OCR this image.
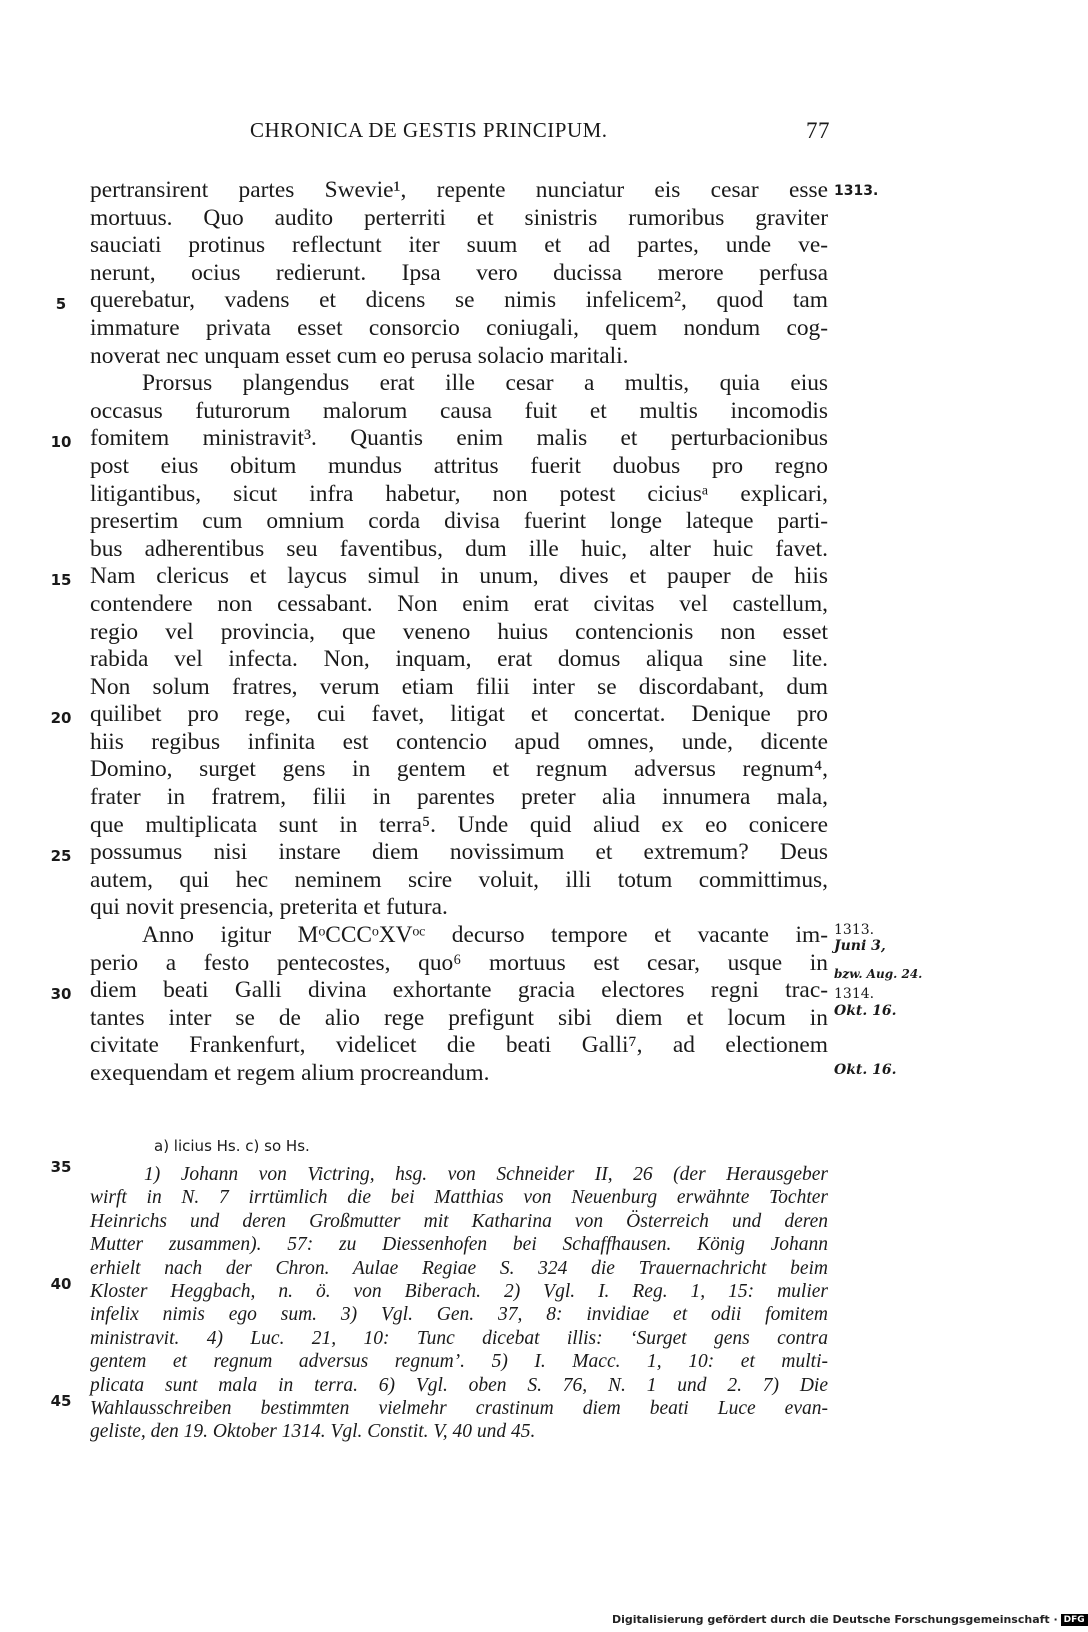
CHRONICA DE GESTIS PRINCIPUM.	77
pertransirent partes Swevie¹, repente nunciatur eis cesar esse
mortuus. Quo audito perterriti et sinistris rumoribus graviter
sauciati protinus reflectunt iter suum et ad partes, unde ve-
nerunt, ocius redierunt. Ipsa vero ducissa merore perfusa
querebatur, vadens et dicens se nimis infelicem², quod tam
immature privata esset consorcio coniugali, quem nondum cog-
noverat nec unquam esset cum eo perusa solacio maritali.
Prorsus plangendus erat ille cesar a multis, quia eius
occasus futurorum malorum causa fuit et multis incomodis
fomitem ministravit³. Quantis enim malis et perturbacionibus
post eius obitum mundus attritus fuerit duobus pro regno
litigantibus, sicut infra habetur, non potest ciciusᵃ explicari,
presertim cum omnium corda divisa fuerint longe lateque parti-
bus adherentibus seu faventibus, dum ille huic, alter huic favet.
Nam clericus et laycus simul in unum, dives et pauper de hiis
contendere non cessabant. Non enim erat civitas vel castellum,
regio vel provincia, que veneno huius contencionis non esset
rabida vel infecta. Non, inquam, erat domus aliqua sine lite.
Non solum fratres, verum etiam filii inter se discordabant, dum
quilibet pro rege, cui favet, litigat et concertat. Denique pro
hiis regibus infinita est contencio apud omnes, unde, dicente
Domino, surget gens in gentem et regnum adversus regnum⁴,
frater in fratrem, filii in parentes preter alia innumera mala,
que multiplicata sunt in terra⁵. Unde quid aliud ex eo conicere
possumus nisi instare diem novissimum et extremum? Deus
autem, qui hec neminem scire voluit, illi totum committimus,
qui novit presencia, preterita et futura.
Anno igitur MᵒCCCᵒXVᵒᶜ decurso tempore et vacante im-
perio a festo pentecostes, quo⁶ mortuus est cesar, usque in
diem beati Galli divina exhortante gracia electores regni trac-
tantes inter se de alio rege prefigunt sibi diem et locum in
civitate Frankenfurt, videlicet die beati Galli⁷, ad electionem
exequendam et regem alium procreandum.
5
10
15
20
25
30
35
40
45
1313.
1313.
Juni 3,
bzw. Aug. 24.
1314.
Okt. 16.
Okt. 16.
a) licius Hs. c) so Hs.
1) Johann von Victring, hsg. von Schneider II, 26 (der Herausgeber
wirft in N. 7 irrtümlich die bei Matthias von Neuenburg erwähnte Tochter
Heinrichs und deren Großmutter mit Katharina von Österreich und deren
Mutter zusammen). 57: zu Diessenhofen bei Schaffhausen. König Johann
erhielt nach der Chron. Aulae Regiae S. 324 die Trauernachricht beim
Kloster Heggbach, n. ö. von Biberach. 2) Vgl. I. Reg. 1, 15: mulier
infelix nimis ego sum. 3) Vgl. Gen. 37, 8: invidiae et odii fomitem
ministravit. 4) Luc. 21, 10: Tunc dicebat illis: ‘Surget gens contra
gentem et regnum adversus regnum’. 5) I. Macc. 1, 10: et multi-
plicata sunt mala in terra. 6) Vgl. oben S. 76, N. 1 und 2. 7) Die
Wahlausschreiben bestimmten vielmehr crastinum diem beati Luce evan-
geliste, den 19. Oktober 1314. Vgl. Constit. V, 40 und 45.
Digitalisierung gefördert durch die Deutsche Forschungsgemeinschaft · DFG
